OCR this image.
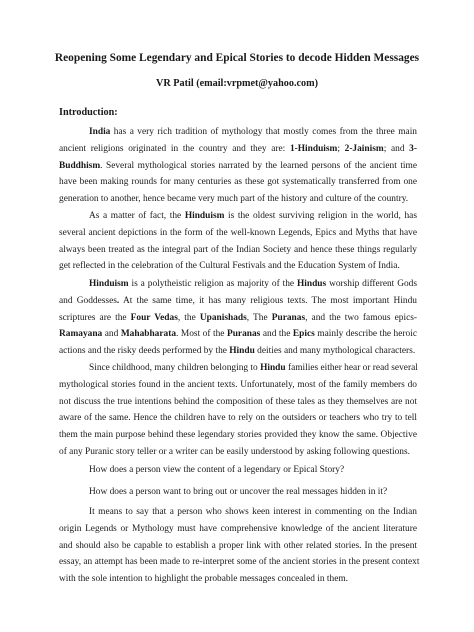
Reopening Some Legendary and Epical Stories to decode Hidden Messages
VR Patil (email:vrpmet@yahoo.com)
Introduction:
India has a very rich tradition of mythology that mostly comes from the three main
ancient religions originated in the country and they are: 1-Hinduism; 2-Jainism; and 3-
Buddhism. Several mythological stories narrated by the learned persons of the ancient time
have been making rounds for many centuries as these got systematically transferred from one
generation to another, hence became very much part of the history and culture of the country.
As a matter of fact, the Hinduism is the oldest surviving religion in the world, has
several ancient depictions in the form of the well-known Legends, Epics and Myths that have
always been treated as the integral part of the Indian Society and hence these things regularly
get reflected in the celebration of the Cultural Festivals and the Education System of India.
Hinduism is a polytheistic religion as majority of the Hindus worship different Gods
and Goddesses. At the same time, it has many religious texts. The most important Hindu
scriptures are the Four Vedas, the Upanishads, The Puranas, and the two famous epics-
Ramayana and Mahabharata. Most of the Puranas and the Epics mainly describe the heroic
actions and the risky deeds performed by the Hindu deities and many mythological characters.
Since childhood, many children belonging to Hindu families either hear or read several
mythological stories found in the ancient texts. Unfortunately, most of the family members do
not discuss the true intentions behind the composition of these tales as they themselves are not
aware of the same. Hence the children have to rely on the outsiders or teachers who try to tell
them the main purpose behind these legendary stories provided they know the same. Objective
of any Puranic story teller or a writer can be easily understood by asking following questions.
How does a person view the content of a legendary or Epical Story?
How does a person want to bring out or uncover the real messages hidden in it?
It means to say that a person who shows keen interest in commenting on the Indian
origin Legends or Mythology must have comprehensive knowledge of the ancient literature
and should also be capable to establish a proper link with other related stories. In the present
essay, an attempt has been made to re-interpret some of the ancient stories in the present context
with the sole intention to highlight the probable messages concealed in them.
